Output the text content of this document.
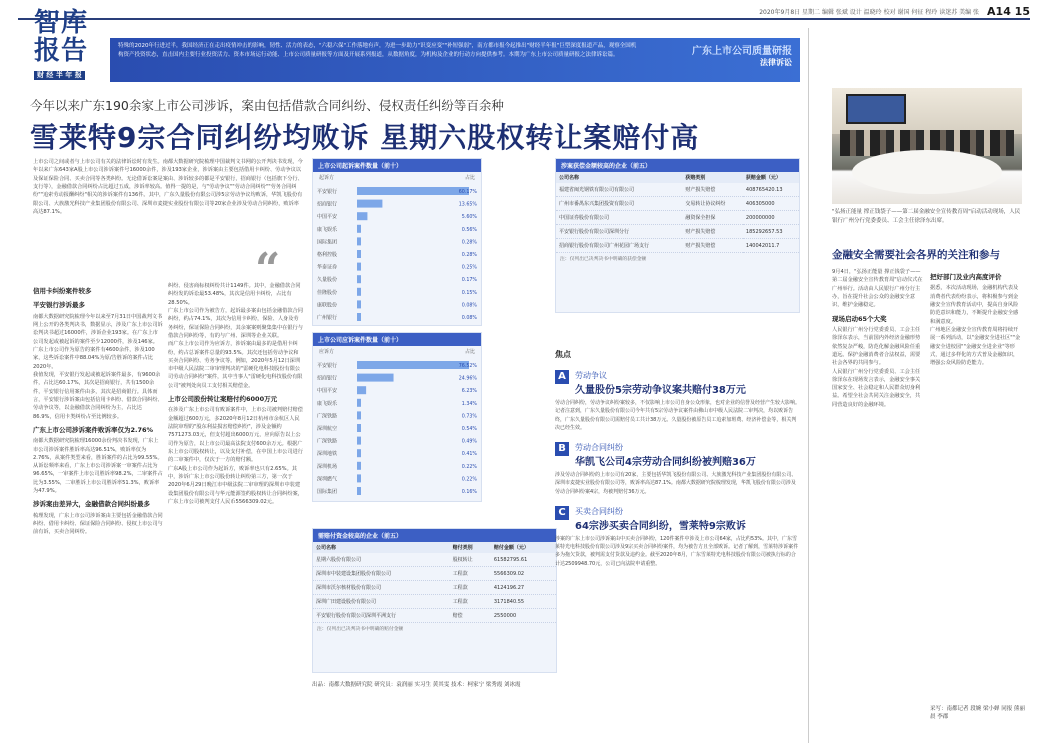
2020年9月8日 星期二 编辑 张斌 设计 温晓玲 校对 谢国 何征 程玲 读迷苏 美编 张 A14 15
智库
报告
财 经 半 年 报
特殊的2020年行进过半，我国经济正在走出疫情冲击的影响，韧性、活力的表态，"六稳六保"工作落地有声，为进一步助力"识变应变""补短强弱"，南方都市报今起推出"财经半年报"巨型深度报道产品，观察全国机构资产投资状态，直击国内主要行业投资活力、资本市场运行动能、上市公司质量研报等方面及开展系列报道，从数据角度，为机构及企业的行动方向提供参考。本期为广东上市公司质量研报之法律诉讼篇。	广东上市公司质量研报
法律诉讼
今年以来广东190余家上市公司涉诉，案由包括借款合同纠纷、侵权责任纠纷等百余种
雪莱特9宗合同纠纷均败诉 星期六股权转让案赔付高
上市公司之间或者与上市公司有关的法律诉讼时有发生。南都大数据研究院梳理中国裁判文书网的公开判决书发现，今年以来广东643家A股上市公司涉诉案件号16000余件，涉及193家企业，涉诉案由主要包括借用卡纠纷、劳动争议以及保证保险合同、买卖合同等各类纠纷。无论借诉讼案是案由、涉诉较多的都是平安银行，招商银行（包括旗下分行、支行等），金融借款合同纠纷占比超过五成，涉诉率较高。值得一提的是，与"劳动争议""劳动合同纠纷""劳务合同纠纷""追索劳动报酬纠纷"相关的涉诉案件有136件。其中，广东久量股份有限公司涉5宗劳动争议均败诉，华凯飞股份有限公司、大族激光科技产业集团股份有限公司、深圳市麦捷实业股份有限公司等20家企业涉及劳动合同纠纷，败诉率高达87.1%。
“
信用卡纠纷案件较多
平安银行涉诉最多

南都大数据研究院梳理今年以来至7月31日中国裁判文书网上公开的各类判决书，数据显示，涉及广东上市公司诉讼判决书超过16000件，涉诉企业193家。在广东上市公司发起或被起诉的案件至少12000件，涉及146家。广东上市公司作为原告的案件有4600余件，涉及100家，这些诉讼案件中88.04%为原/告胜诉的案件占比2020年。

我值发现，平安银行发起或被起诉案件最多，有9600余件，占比达60.17%，其次是招商银行，共有1500余件，平安银行信用案件由多，其次是招商银行。具体而言，平安银行涉诉案由包括信用卡纠纷、借款合同纠纷、劳动争议等，以金融借款合同纠纷为主，占比达86.9%，信用卡类纠纷占至比例较多。

广东上市公司涉诉案件败诉率仅为2.76%

南都大数据研究院梳理16000余份判决书发现，广东上市公司涉诉案件胜诉率高达96.51%，败诉率仅为2.76%，从案件类型来看，胜诉案件的占比为99.55%。

从诉讼频率来看，广东上市公司涉诉案一审案件占比为96.65%，一审案件上市公司胜诉率98.2%，二审案件占比为3.55%，二审胜诉上市公司胜诉率51.3%，败诉率为47.9%。

涉诉案由差异大，金融借款合同纠纷最多

梳理发现，广东上市公司涉诉案由主要包括金融借款合同纠纷、借用卡纠纷、保证保险合同纠纷、侵权上市公司与前有诉，买卖合同纠纷。

纠纷、侵害商标权纠纷共计1149件。其中，金融借款合同纠纷发的诉讼最53.48%，其次是信用卡纠纷，占比有28.50%。

广东上市公司作为被告方，起诉最多案由包括金融借款合同纠纷，约占74.1%，其次为信用卡纠纷，保险、人身及劳务纠纷，保证保险合同纠纷，其余案案则聚集集中在银行与借款合同纠纷等，有的与广州、深圳等企业关联。

而广东上市公司作为应诉方，涉诉案由最多的是借用卡纠纷，约占总诉案件总量的93.5%。其次还包括劳动争议和买卖合同纠纷、劳务争议等。例如，2020年5月12日深圳市中级人民法院二审审理判决的"雷硬化电科技股份有限公司劳动合同纠纷"案件，其中当事人"雷硬化电科技股份有限公司"被判处向员工支付相关赔偿金。

上市公司股份转让案赔付约6000万元

在涉及广东上市公司有败诉案件中，上市公司被判赔付赔偿金额超过600万元，多2020年8月12日杭州市余杭区人民法院审理的"股东利益损害赔偿纠纷"，涉及金额约7571273.03元，但支付超出6000万元，应向原告以上公司作为原告，以上市公司最高法院支付600余万元。根据广东上市公司股权转让，以及支付补偿，在中国上市公司进行的二审案件中，仅次于一方的赔付额。

广东A股上市公司作为起诉方，败诉率也只有2.65%。其中，涉诉广东上市公司股份转让纠纷第三方，第一次于2020年6月29日晚江市中级法院二审审理的深圳市中装建设集团股份有限公司与华元能源签约股权转让合同纠纷案，广东上市公司被判支付人民币5566309.02元。

上市公司起诉案件数量（前十）
起诉方	占比
平安银行	60.17%
招商银行	13.65%
中国平安	5.60%
康飞娱乐	0.56%
国际集团	0.28%
格利控股	0.28%
华泰证券	0.25%
久量股份	0.17%
佳隆股份	0.15%
康联股份	0.08%
广州银行	0.08%
上市公司应诉案件数量（前十）
应诉方	占比
平安银行	76.52%
招商银行	24.96%
中国平安	6.23%
康飞娱乐	1.34%
广深铁路	0.73%
深圳航空	0.54%
广深铁路	0.49%
深圳地铁	0.41%
深圳机场	0.22%
深圳燃气	0.22%
国际集团	0.16%
涉案获偿金额较高的企业（前五）
公司名称	获赔类别	获赔金额（元）
福建省闽光钢铁有限公司有限公司	财产损失赔偿	408765420.13
广州市番禺东兴集团投资有限公司	交易转让协议纠纷	406305000
中国证券股份有限公司	融资保全担保	200000000
平安银行股份有限公司深圳分行	财产损失赔偿	185292657.53
招商银行股份有限公司广州花园广场支行	财产损失赔偿	140042011.7
注：仅列出已决判决书中明确的获偿金额
需赔付资金较高的企业（前五）
公司名称	赔付类别	赔付金额（元）
星期六股份有限公司	股权转让	61582795.61
深圳市中装建设集团股份有限公司	工程款	5566309.02
深圳市沃尔核材股份有限公司	工程款	4124196.27
深圳广田建设股份有限公司	工程款	3171840.55
平安银行股份有限公司深圳平洲支行	赔偿	2550000
注：仅列出已决判决书中明确的赔付金额
出品：南都大数据研究院 研究员：袁润丽 实习生 黄其雯 技术：柯家宁 梁秀霞 刘冰霞
焦点
A	劳动争议
久量股份5宗劳动争议案共赔付38万元
劳动合同纠纷，劳动争议纠纷案较多，不仅影响上市公司自身公众形象，也对企业的信誉及经营产生较大影响。记者注意到，广东久量股份有限公司今年共有5宗劳动争议案件由佛山市中级人民法院二审判决，均以败诉告终，广东久量股份有限公司需赔付员工共计38万元。久量股份被原告员工追索加班费、经济补偿金等，相关判决已经生效。
B	劳动合同纠纷
华凯飞公司4宗劳动合同纠纷被判赔36万
涉及劳动合同纠纷的上市公司有20家，主要包括华凯飞股份有限公司、大族激光科技产业集团股份有限公司、深圳市麦捷实业股份有限公司等，败诉率高达87.1%。南都大数据研究院梳理发现，华凯飞股份有限公司涉及劳动合同纠纷案4宗，均被判赔付36万元。
C	买卖合同纠纷
64宗涉买卖合同纠纷，雪莱特9宗败诉
涉案的广东上市公司涉诉案由中买卖合同纠纷，120件案件中涉及上市公司64家，占比约53%。其中，广东雪莱特光电科技股份有限公司涉及9宗买卖合同纠纷案件，均为被告方且全部败诉。记者了解到，雪莱特涉诉案件多为拖欠货款，被判需支付货款及违约金。截至2020年8月，广东雪莱特光电科技股份有限公司被执行标的合计达2509948.70元，公司已向法院申请重整。
"弘扬正能量 撑正钱袋子——第二届金融安全宣传教育周"启动活动现场，人民银行广州分行党委委员、工会主任徐泽东出席。
金融安全需要社会各界的关注和参与

9月4日，"弘扬正能量 撑正钱袋子——第二届金融安全宣传教育周"启动仪式在广州举行。活动由人民银行广州分行主办，旨在提升社会公众的金融安全意识，维护金融稳定。

现场启动65个大奖

人民银行广州分行党委委员、工会主任徐泽东表示，当前国内外经济金融形势依然复杂严峻，防范化解金融风险任重道远。保护金融消费者合法权益，需要社会各界的共同参与。

人民银行广州分行党委委员、工会主任徐泽东在现场发言表示，金融安全事关国家安全、社会稳定和人民群众切身利益。希望全社会共同关注金融安全，共同营造良好的金融环境。

把好部门及业内高度评价

据悉，本次活动现场，金融机构代表及消费者代表纷纷表示，将积极参与到金融安全宣传教育活动中，提高自身风险防范意识和能力，不断提升金融安全感和满意度。

广州地区金融安全宣传教育周将持续开展一系列活动，以"金融安全进社区""金融安全进校园""金融安全进企业"等形式，通过多样化的方式普及金融知识，增强公众风险防范能力。

采写：南都记者 段婉 梁小婵 同报 熊丽 晨 李郡
